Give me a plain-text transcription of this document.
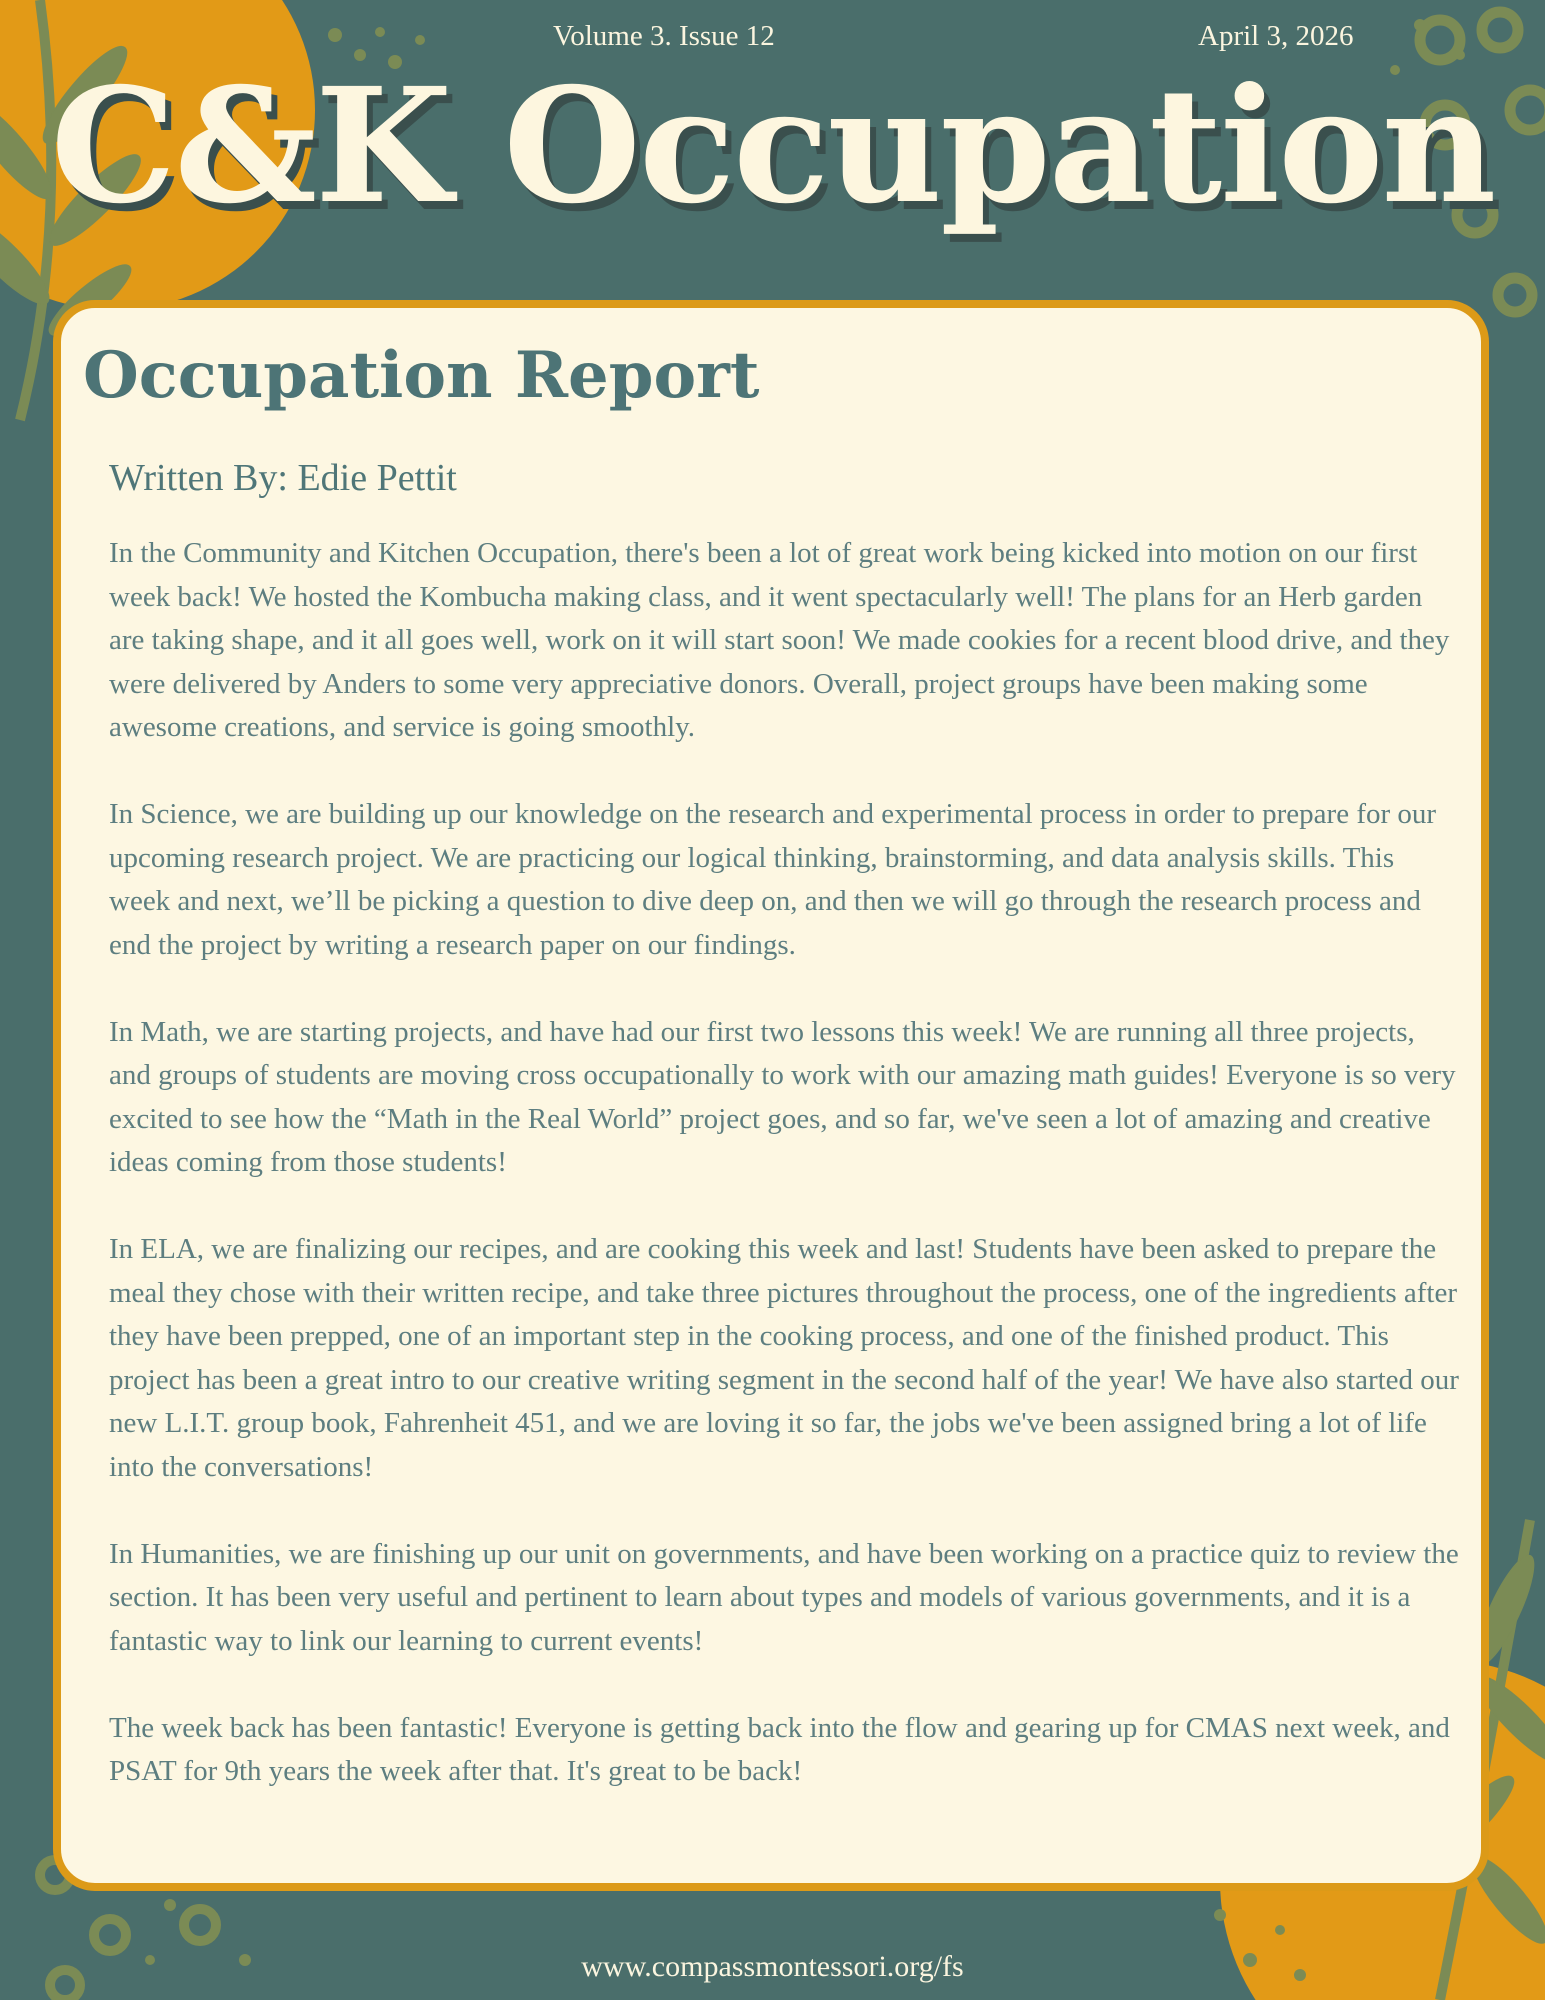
Volume 3. Issue 12	April 3, 2026
C&K Occupation
Occupation Report
Written By: Edie Pettit

In the Community and Kitchen Occupation, there's been a lot of great work being kicked into motion on our first week back! We hosted the Kombucha making class, and it went spectacularly well! The plans for an Herb garden are taking shape, and it all goes well, work on it will start soon! We made cookies for a recent blood drive, and they were delivered by Anders to some very appreciative donors. Overall, project groups have been making some awesome creations, and service is going smoothly.

In Science, we are building up our knowledge on the research and experimental process in order to prepare for our upcoming research project. We are practicing our logical thinking, brainstorming, and data analysis skills. This week and next, we’ll be picking a question to dive deep on, and then we will go through the research process and end the project by writing a research paper on our findings.

In Math, we are starting projects, and have had our first two lessons this week! We are running all three projects, and groups of students are moving cross occupationally to work with our amazing math guides! Everyone is so very excited to see how the “Math in the Real World” project goes, and so far, we've seen a lot of amazing and creative ideas coming from those students!

In ELA, we are finalizing our recipes, and are cooking this week and last! Students have been asked to prepare the meal they chose with their written recipe, and take three pictures throughout the process, one of the ingredients after they have been prepped, one of an important step in the cooking process, and one of the finished product. This project has been a great intro to our creative writing segment in the second half of the year! We have also started our new L.I.T. group book, Fahrenheit 451, and we are loving it so far, the jobs we've been assigned bring a lot of life into the conversations!

In Humanities, we are finishing up our unit on governments, and have been working on a practice quiz to review the section. It has been very useful and pertinent to learn about types and models of various governments, and it is a fantastic way to link our learning to current events!

The week back has been fantastic! Everyone is getting back into the flow and gearing up for CMAS next week, and PSAT for 9th years the week after that. It's great to be back!

www.compassmontessori.org/fs
